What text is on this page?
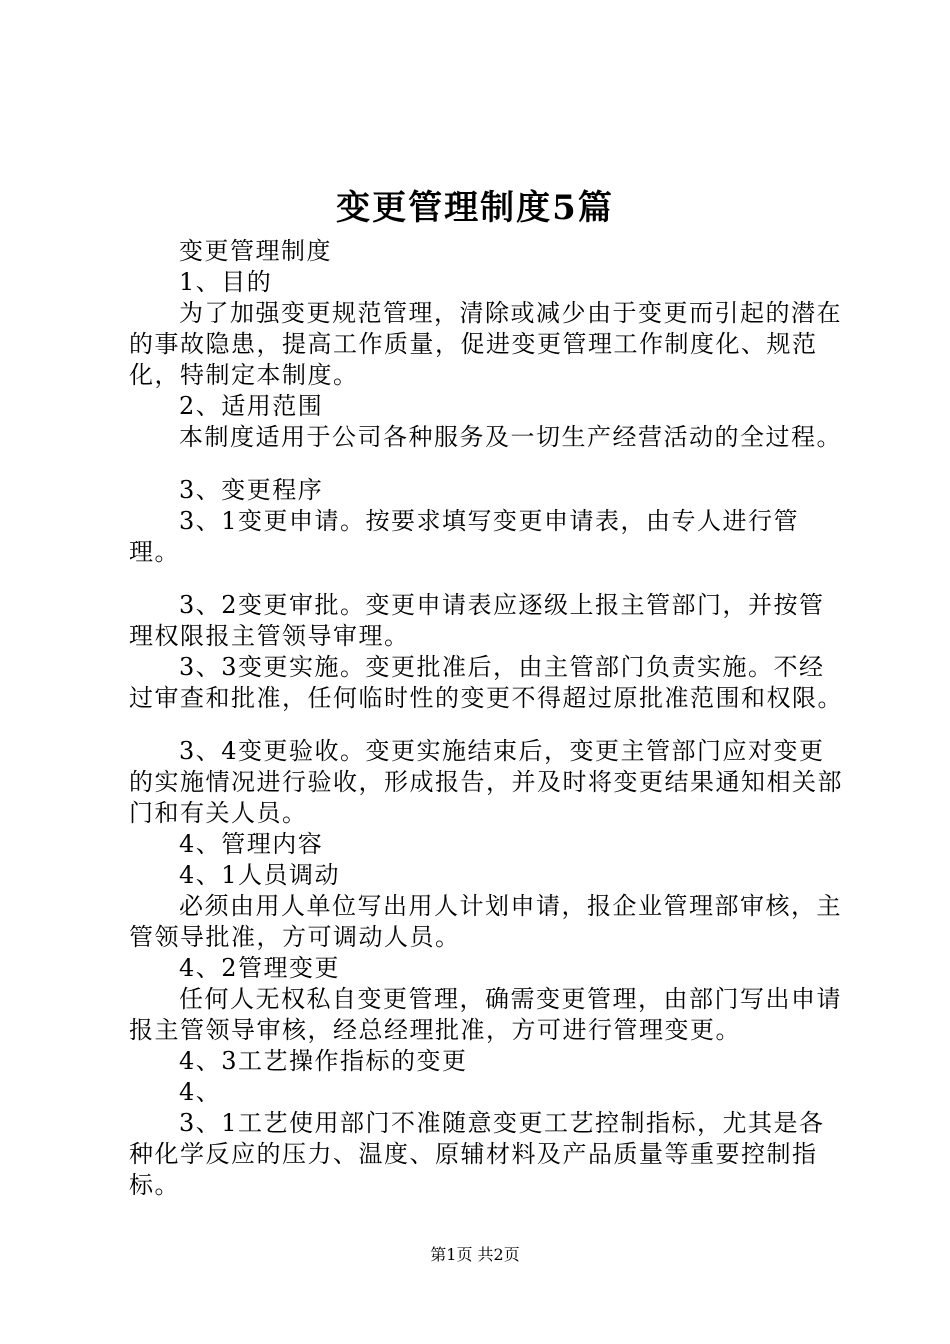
变更管理制度5篇

变更管理制度

1、目的

为了加强变更规范管理，清除或减少由于变更而引起的潜在的事故隐患，提高工作质量，促进变更管理工作制度化、规范化，特制定本制度。

2、适用范围

本制度适用于公司各种服务及一切生产经营活动的全过程。

3、变更程序

3、1变更申请。按要求填写变更申请表，由专人进行管理。

3、2变更审批。变更申请表应逐级上报主管部门，并按管理权限报主管领导审理。

3、3变更实施。变更批准后，由主管部门负责实施。不经过审查和批准，任何临时性的变更不得超过原批准范围和权限。

3、4变更验收。变更实施结束后，变更主管部门应对变更的实施情况进行验收，形成报告，并及时将变更结果通知相关部门和有关人员。

4、管理内容

4、1人员调动

必须由用人单位写出用人计划申请，报企业管理部审核，主管领导批准，方可调动人员。

4、2管理变更

任何人无权私自变更管理，确需变更管理，由部门写出申请报主管领导审核，经总经理批准，方可进行管理变更。

4、3工艺操作指标的变更

4、

3、1工艺使用部门不准随意变更工艺控制指标，尤其是各种化学反应的压力、温度、原辅材料及产品质量等重要控制指标。

第1页 共2页
